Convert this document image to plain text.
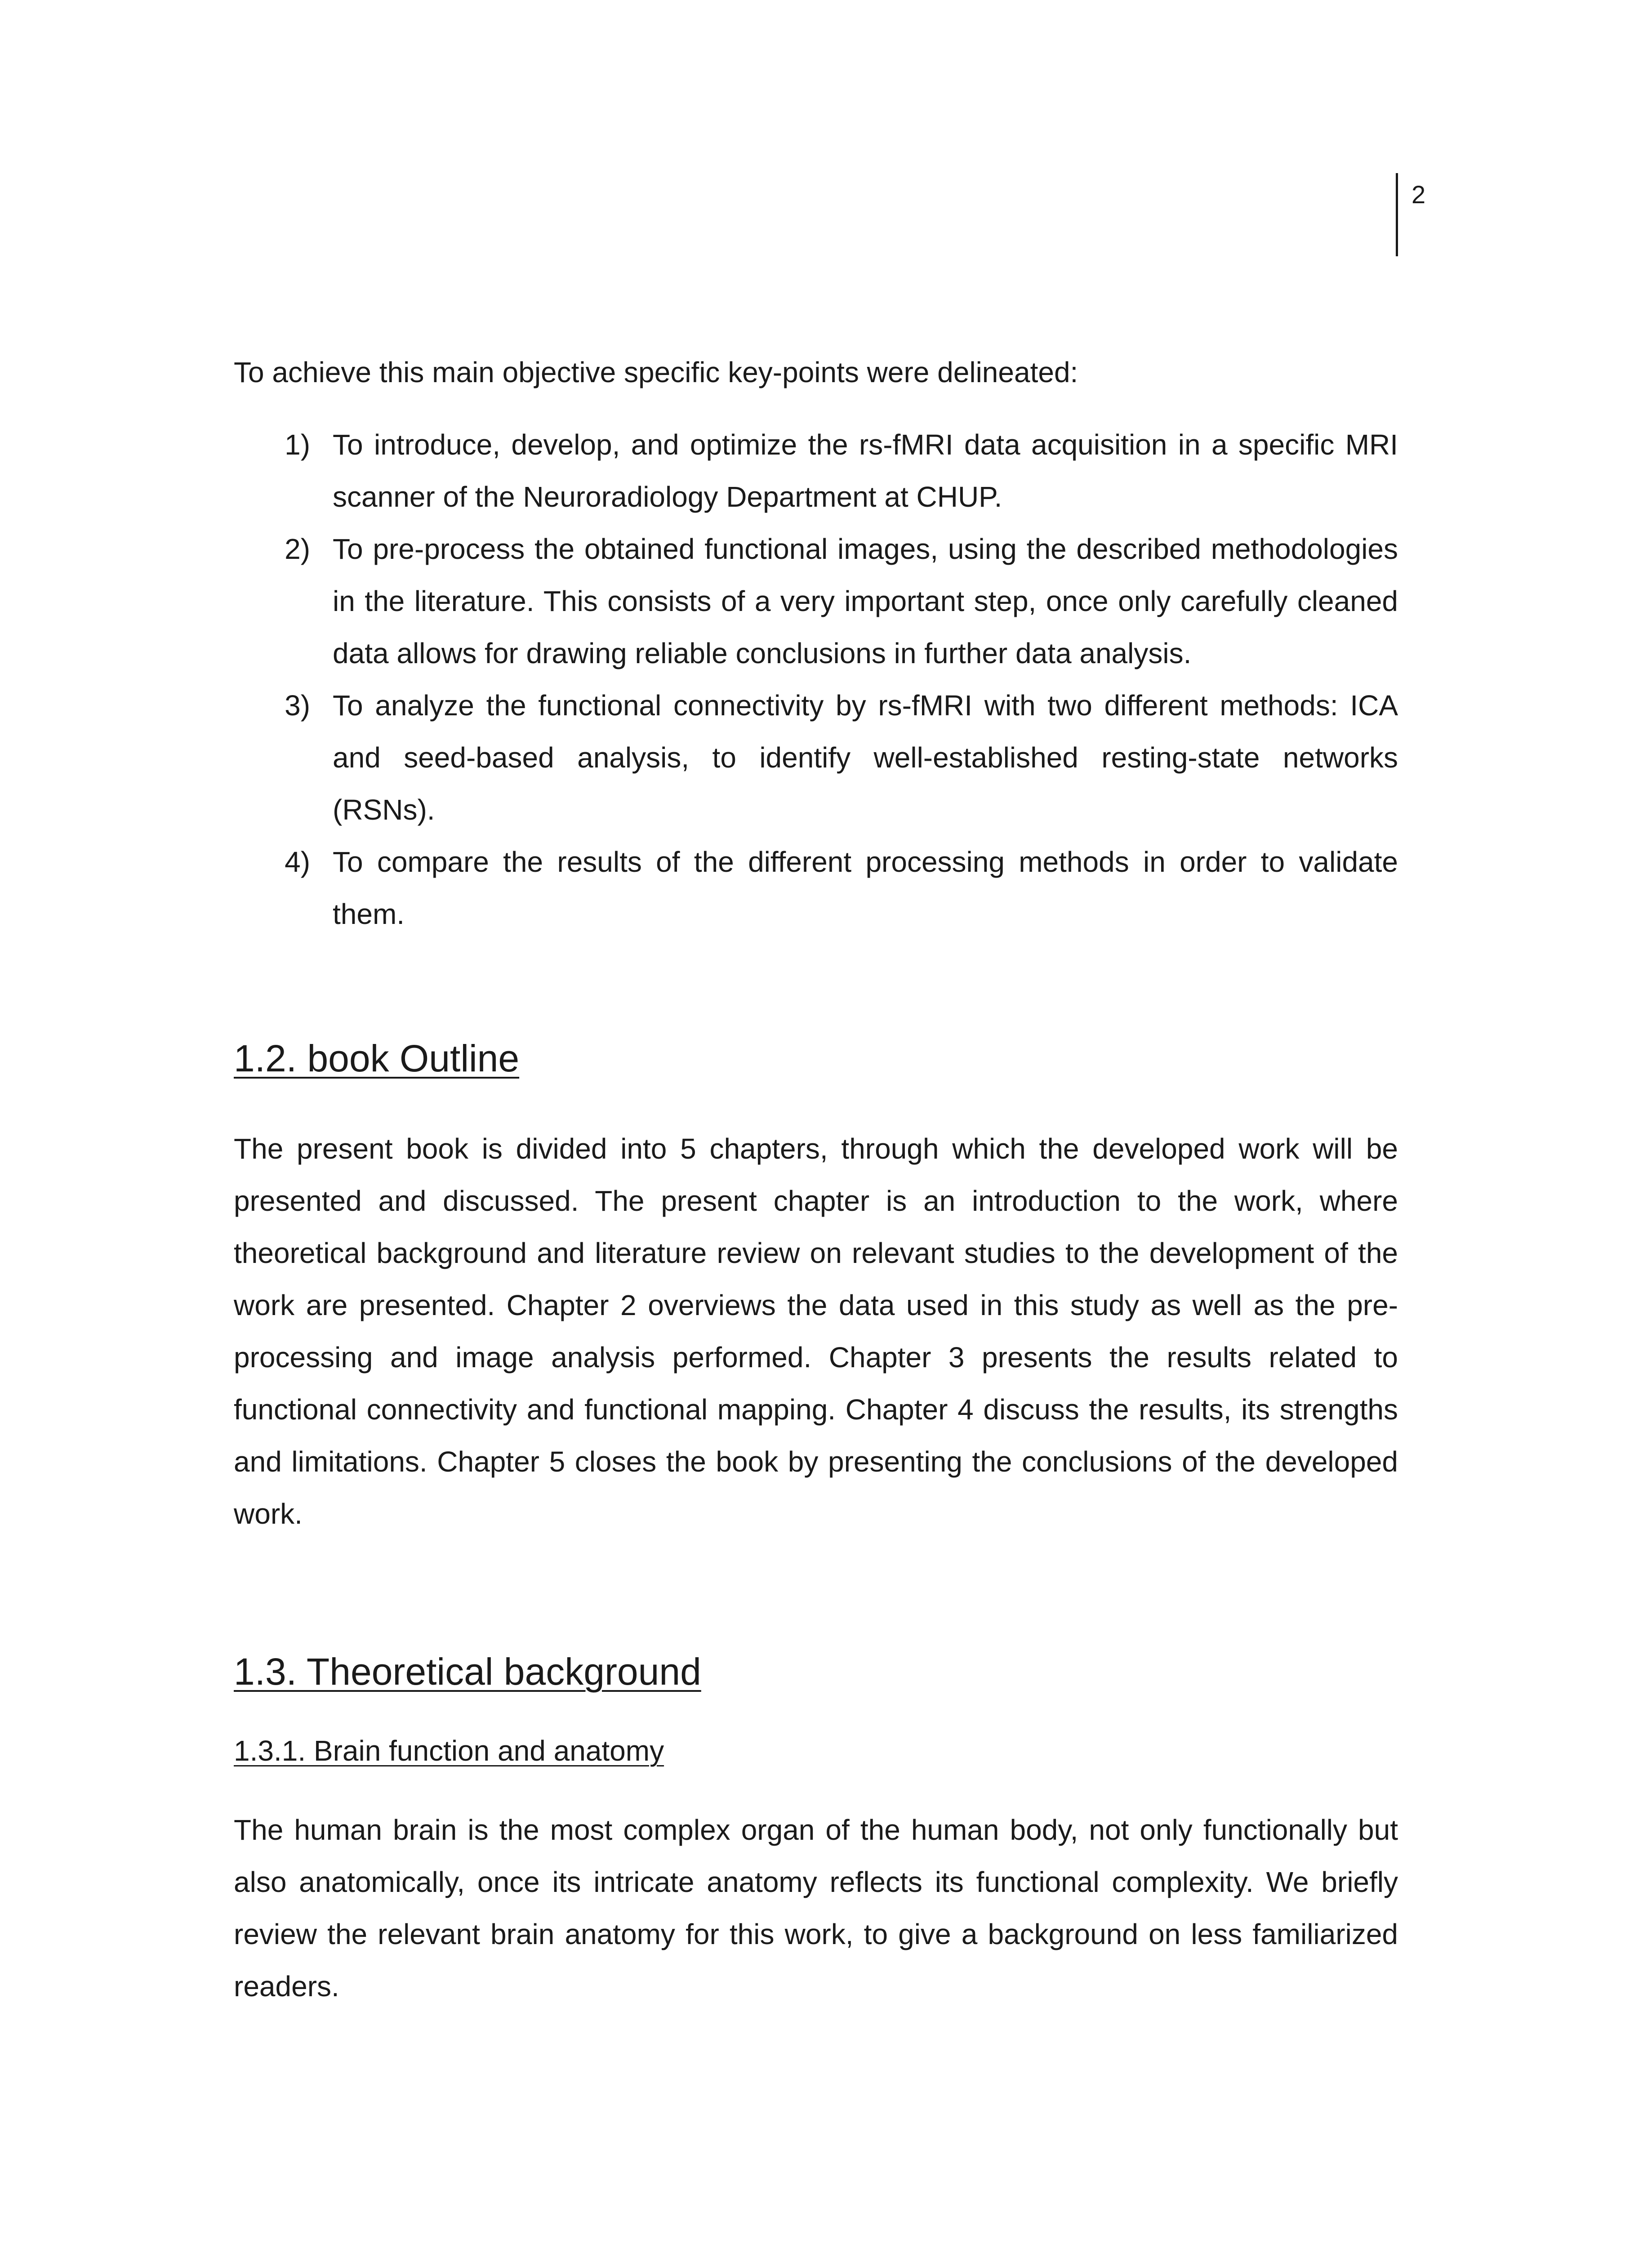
2

To achieve this main objective specific key-points were delineated:

1) To introduce, develop, and optimize the rs-fMRI data acquisition in a specific MRI scanner of the Neuroradiology Department at CHUP.
2) To pre-process the obtained functional images, using the described methodologies in the literature. This consists of a very important step, once only carefully cleaned data allows for drawing reliable conclusions in further data analysis.
3) To analyze the functional connectivity by rs-fMRI with two different methods: ICA and seed-based analysis, to identify well-established resting-state networks (RSNs).
4) To compare the results of the different processing methods in order to validate them.
1.2. book Outline

The present book is divided into 5 chapters, through which the developed work will be presented and discussed. The present chapter is an introduction to the work, where theoretical background and literature review on relevant studies to the development of the work are presented. Chapter 2 overviews the data used in this study as well as the pre-processing and image analysis performed. Chapter 3 presents the results related to functional connectivity and functional mapping. Chapter 4 discuss the results, its strengths and limitations. Chapter 5 closes the book by presenting the conclusions of the developed work.

1.3. Theoretical background
1.3.1. Brain function and anatomy

The human brain is the most complex organ of the human body, not only functionally but also anatomically, once its intricate anatomy reflects its functional complexity. We briefly review the relevant brain anatomy for this work, to give a background on less familiarized readers.
